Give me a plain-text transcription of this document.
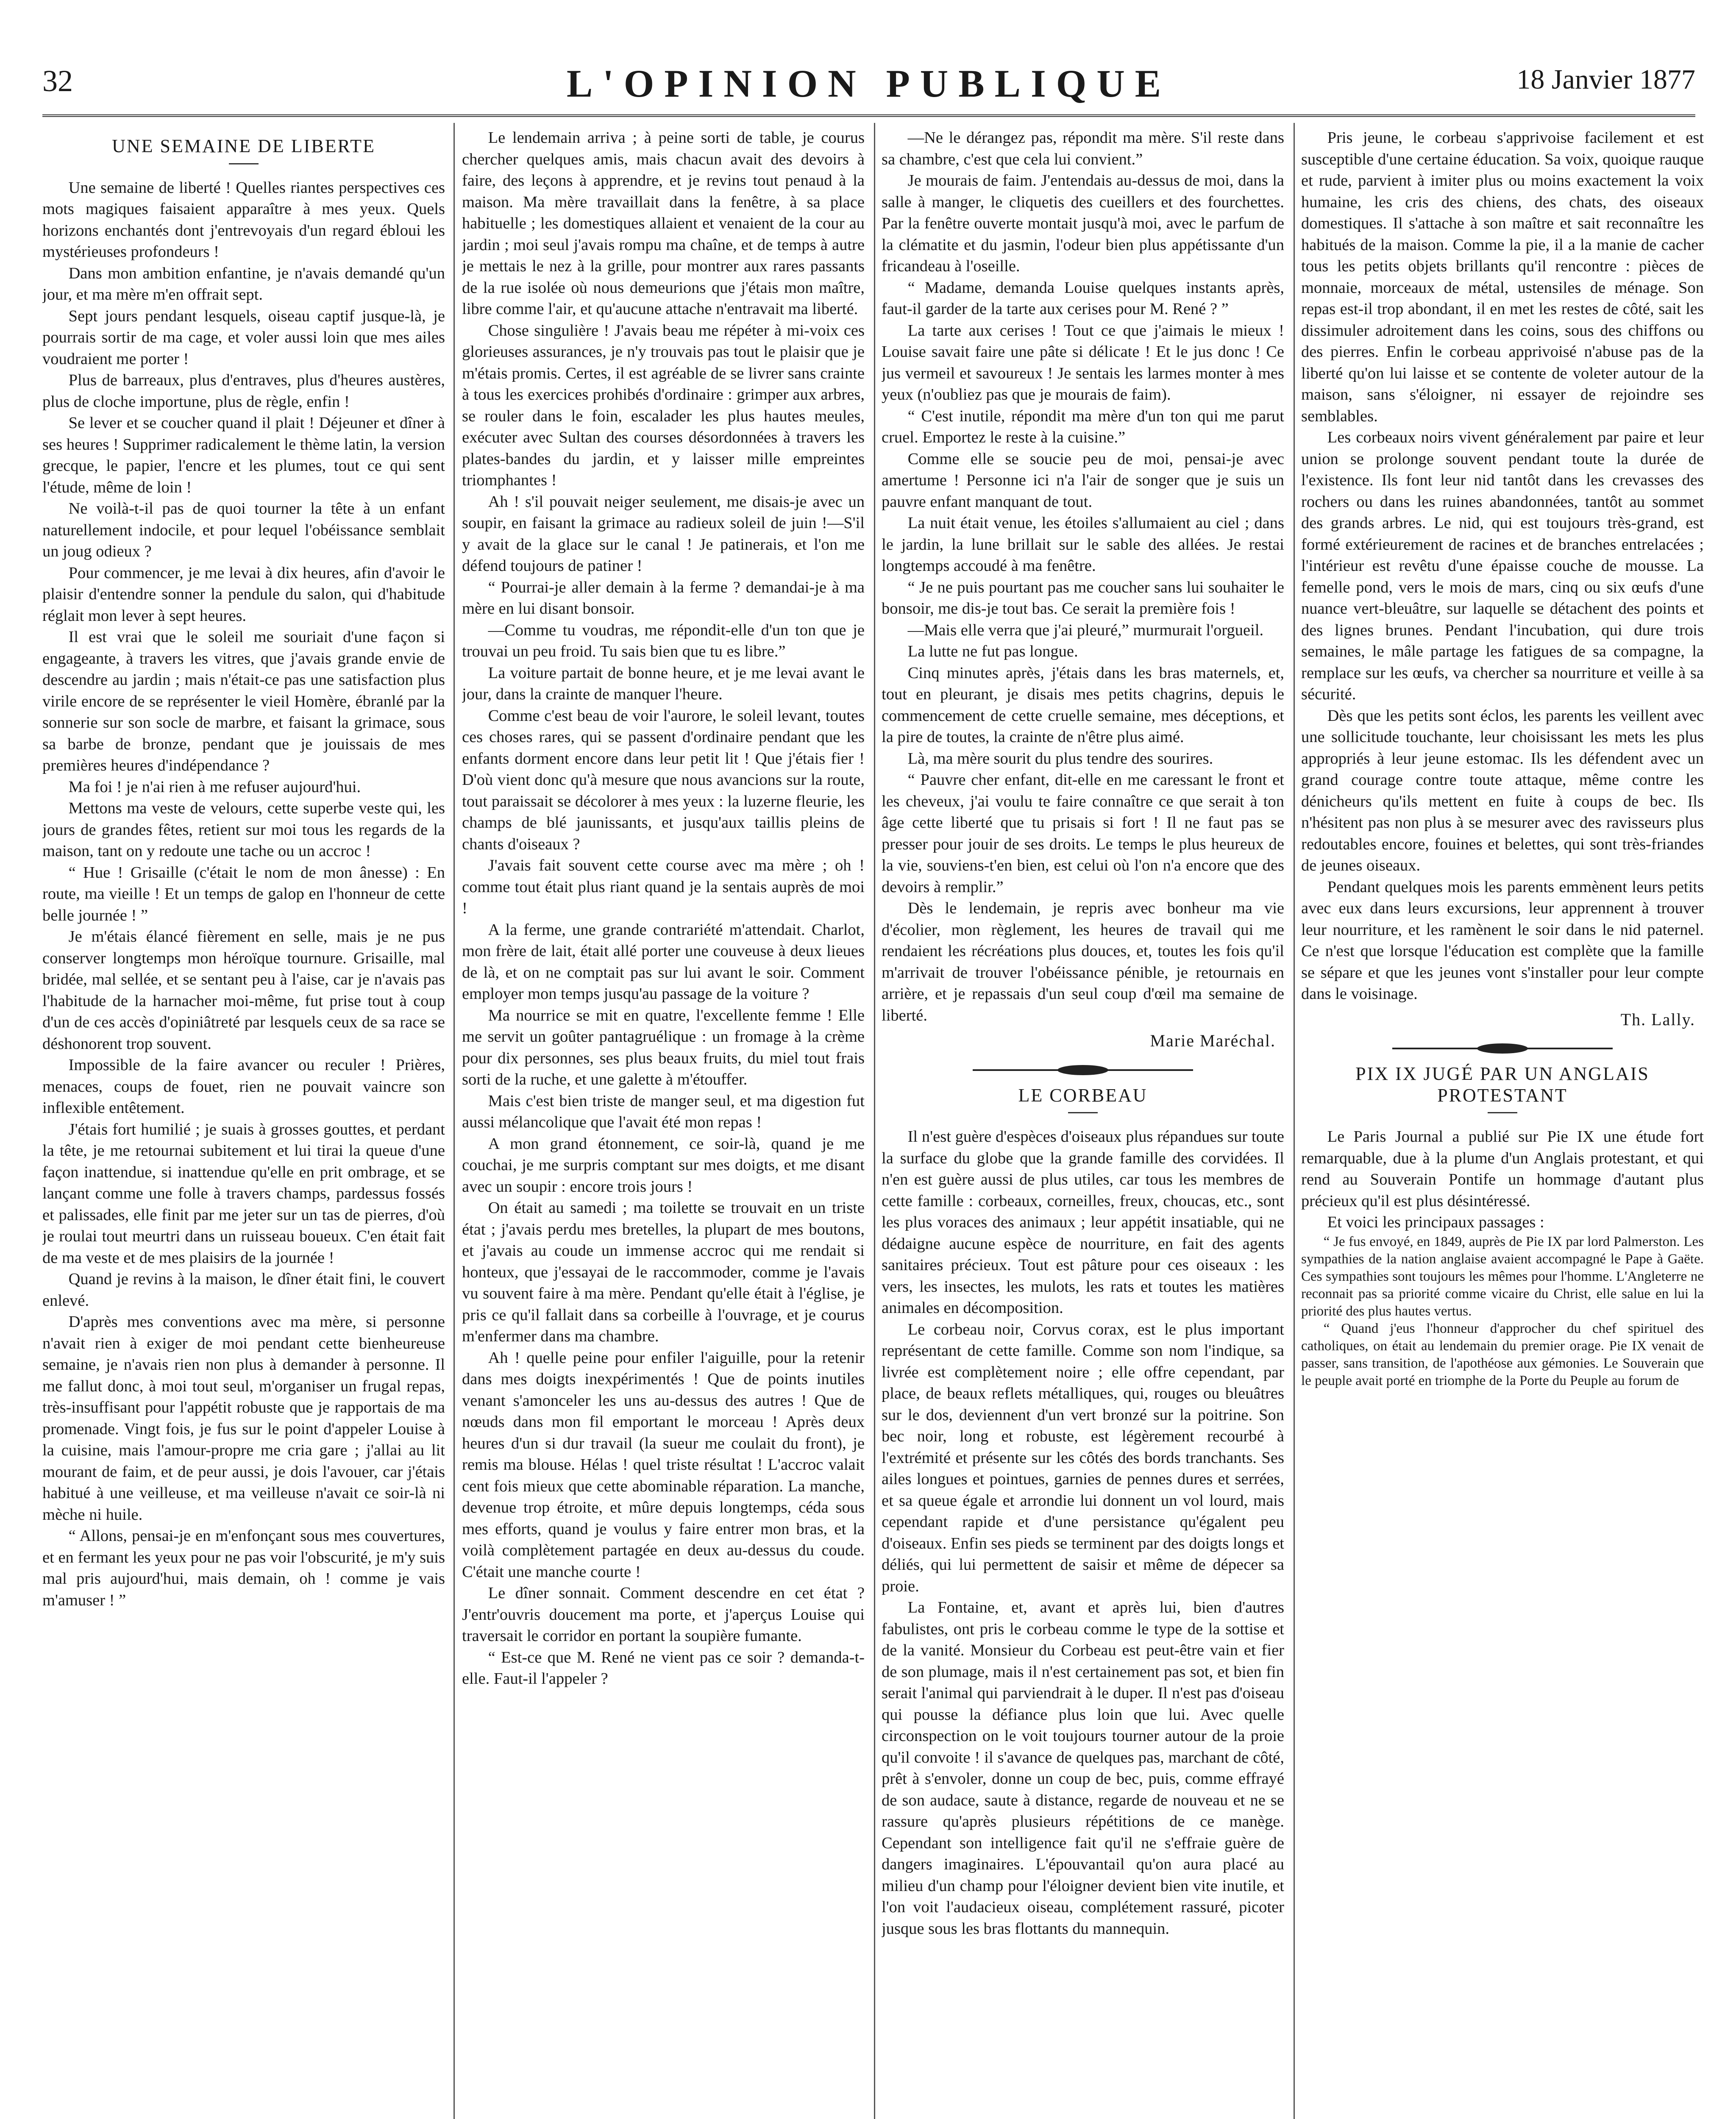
32	L'OPINION PUBLIQUE	18 Janvier 1877
UNE SEMAINE DE LIBERTE

Une semaine de liberté ! Quelles riantes perspectives ces mots magiques faisaient apparaître à mes yeux. Quels horizons enchantés dont j'entrevoyais d'un regard ébloui les mystérieuses profondeurs !

Dans mon ambition enfantine, je n'avais demandé qu'un jour, et ma mère m'en offrait sept.

Sept jours pendant lesquels, oiseau captif jusque-là, je pourrais sortir de ma cage, et voler aussi loin que mes ailes voudraient me porter !

Plus de barreaux, plus d'entraves, plus d'heures austères, plus de cloche importune, plus de règle, enfin !

Se lever et se coucher quand il plait ! Déjeuner et dîner à ses heures ! Supprimer radicalement le thème latin, la version grecque, le papier, l'encre et les plumes, tout ce qui sent l'étude, même de loin !

Ne voilà-t-il pas de quoi tourner la tête à un enfant naturellement indocile, et pour lequel l'obéissance semblait un joug odieux ?

Pour commencer, je me levai à dix heures, afin d'avoir le plaisir d'entendre sonner la pendule du salon, qui d'habitude réglait mon lever à sept heures.

Il est vrai que le soleil me souriait d'une façon si engageante, à travers les vitres, que j'avais grande envie de descendre au jardin ; mais n'était-ce pas une satisfaction plus virile encore de se représenter le vieil Homère, ébranlé par la sonnerie sur son socle de marbre, et faisant la grimace, sous sa barbe de bronze, pendant que je jouissais de mes premières heures d'indépendance ?

Ma foi ! je n'ai rien à me refuser aujourd'hui.

Mettons ma veste de velours, cette superbe veste qui, les jours de grandes fêtes, retient sur moi tous les regards de la maison, tant on y redoute une tache ou un accroc !

“ Hue ! Grisaille (c'était le nom de mon ânesse) : En route, ma vieille ! Et un temps de galop en l'honneur de cette belle journée ! ”

Je m'étais élancé fièrement en selle, mais je ne pus conserver longtemps mon héroïque tournure. Grisaille, mal bridée, mal sellée, et se sentant peu à l'aise, car je n'avais pas l'habitude de la harnacher moi-même, fut prise tout à coup d'un de ces accès d'opiniâtreté par lesquels ceux de sa race se déshonorent trop souvent.

Impossible de la faire avancer ou reculer ! Prières, menaces, coups de fouet, rien ne pouvait vaincre son inflexible entêtement.

J'étais fort humilié ; je suais à grosses gouttes, et perdant la tête, je me retournai subitement et lui tirai la queue d'une façon inattendue, si inattendue qu'elle en prit ombrage, et se lançant comme une folle à travers champs, pardessus fossés et palissades, elle finit par me jeter sur un tas de pierres, d'où je roulai tout meurtri dans un ruisseau boueux. C'en était fait de ma veste et de mes plaisirs de la journée !

Quand je revins à la maison, le dîner était fini, le couvert enlevé.

D'après mes conventions avec ma mère, si personne n'avait rien à exiger de moi pendant cette bienheureuse semaine, je n'avais rien non plus à demander à personne. Il me fallut donc, à moi tout seul, m'organiser un frugal repas, très-insuffisant pour l'appétit robuste que je rapportais de ma promenade. Vingt fois, je fus sur le point d'appeler Louise à la cuisine, mais l'amour-propre me cria gare ; j'allai au lit mourant de faim, et de peur aussi, je dois l'avouer, car j'étais habitué à une veilleuse, et ma veilleuse n'avait ce soir-là ni mèche ni huile.

“ Allons, pensai-je en m'enfonçant sous mes couvertures, et en fermant les yeux pour ne pas voir l'obscurité, je m'y suis mal pris aujourd'hui, mais demain, oh ! comme je vais m'amuser ! ”

Le lendemain arriva ; à peine sorti de table, je courus chercher quelques amis, mais chacun avait des devoirs à faire, des leçons à apprendre, et je revins tout penaud à la maison. Ma mère travaillait dans la fenêtre, à sa place habituelle ; les domestiques allaient et venaient de la cour au jardin ; moi seul j'avais rompu ma chaîne, et de temps à autre je mettais le nez à la grille, pour montrer aux rares passants de la rue isolée où nous demeurions que j'étais mon maître, libre comme l'air, et qu'aucune attache n'entravait ma liberté.

Chose singulière ! J'avais beau me répéter à mi-voix ces glorieuses assurances, je n'y trouvais pas tout le plaisir que je m'étais promis. Certes, il est agréable de se livrer sans crainte à tous les exercices prohibés d'ordinaire : grimper aux arbres, se rouler dans le foin, escalader les plus hautes meules, exécuter avec Sultan des courses désordonnées à travers les plates-bandes du jardin, et y laisser mille empreintes triomphantes !

Ah ! s'il pouvait neiger seulement, me disais-je avec un soupir, en faisant la grimace au radieux soleil de juin !—S'il y avait de la glace sur le canal ! Je patinerais, et l'on me défend toujours de patiner !

“ Pourrai-je aller demain à la ferme ? demandai-je à ma mère en lui disant bonsoir.

—Comme tu voudras, me répondit-elle d'un ton que je trouvai un peu froid. Tu sais bien que tu es libre.”

La voiture partait de bonne heure, et je me levai avant le jour, dans la crainte de manquer l'heure.

Comme c'est beau de voir l'aurore, le soleil levant, toutes ces choses rares, qui se passent d'ordinaire pendant que les enfants dorment encore dans leur petit lit ! Que j'étais fier ! D'où vient donc qu'à mesure que nous avancions sur la route, tout paraissait se décolorer à mes yeux : la luzerne fleurie, les champs de blé jaunissants, et jusqu'aux taillis pleins de chants d'oiseaux ?

J'avais fait souvent cette course avec ma mère ; oh ! comme tout était plus riant quand je la sentais auprès de moi !

A la ferme, une grande contrariété m'attendait. Charlot, mon frère de lait, était allé porter une couveuse à deux lieues de là, et on ne comptait pas sur lui avant le soir. Comment employer mon temps jusqu'au passage de la voiture ?

Ma nourrice se mit en quatre, l'excellente femme ! Elle me servit un goûter pantagruélique : un fromage à la crème pour dix personnes, ses plus beaux fruits, du miel tout frais sorti de la ruche, et une galette à m'étouffer.

Mais c'est bien triste de manger seul, et ma digestion fut aussi mélancolique que l'avait été mon repas !

A mon grand étonnement, ce soir-là, quand je me couchai, je me surpris comptant sur mes doigts, et me disant avec un soupir : encore trois jours !

On était au samedi ; ma toilette se trouvait en un triste état ; j'avais perdu mes bretelles, la plupart de mes boutons, et j'avais au coude un immense accroc qui me rendait si honteux, que j'essayai de le raccommoder, comme je l'avais vu souvent faire à ma mère. Pendant qu'elle était à l'église, je pris ce qu'il fallait dans sa corbeille à l'ouvrage, et je courus m'enfermer dans ma chambre.

Ah ! quelle peine pour enfiler l'aiguille, pour la retenir dans mes doigts inexpérimentés ! Que de points inutiles venant s'amonceler les uns au-dessus des autres ! Que de nœuds dans mon fil emportant le morceau ! Après deux heures d'un si dur travail (la sueur me coulait du front), je remis ma blouse. Hélas ! quel triste résultat ! L'accroc valait cent fois mieux que cette abominable réparation. La manche, devenue trop étroite, et mûre depuis longtemps, céda sous mes efforts, quand je voulus y faire entrer mon bras, et la voilà complètement partagée en deux au-dessus du coude. C'était une manche courte !

Le dîner sonnait. Comment descendre en cet état ? J'entr'ouvris doucement ma porte, et j'aperçus Louise qui traversait le corridor en portant la soupière fumante.

“ Est-ce que M. René ne vient pas ce soir ? demanda-t-elle. Faut-il l'appeler ?

—Ne le dérangez pas, répondit ma mère. S'il reste dans sa chambre, c'est que cela lui convient.”

Je mourais de faim. J'entendais au-dessus de moi, dans la salle à manger, le cliquetis des cueillers et des fourchettes. Par la fenêtre ouverte montait jusqu'à moi, avec le parfum de la clématite et du jasmin, l'odeur bien plus appétissante d'un fricandeau à l'oseille.

“ Madame, demanda Louise quelques instants après, faut-il garder de la tarte aux cerises pour M. René ? ”

La tarte aux cerises ! Tout ce que j'aimais le mieux ! Louise savait faire une pâte si délicate ! Et le jus donc ! Ce jus vermeil et savoureux ! Je sentais les larmes monter à mes yeux (n'oubliez pas que je mourais de faim).

“ C'est inutile, répondit ma mère d'un ton qui me parut cruel. Emportez le reste à la cuisine.”

Comme elle se soucie peu de moi, pensai-je avec amertume ! Personne ici n'a l'air de songer que je suis un pauvre enfant manquant de tout.

La nuit était venue, les étoiles s'allumaient au ciel ; dans le jardin, la lune brillait sur le sable des allées. Je restai longtemps accoudé à ma fenêtre.

“ Je ne puis pourtant pas me coucher sans lui souhaiter le bonsoir, me dis-je tout bas. Ce serait la première fois !

—Mais elle verra que j'ai pleuré,” murmurait l'orgueil.

La lutte ne fut pas longue.

Cinq minutes après, j'étais dans les bras maternels, et, tout en pleurant, je disais mes petits chagrins, depuis le commencement de cette cruelle semaine, mes déceptions, et la pire de toutes, la crainte de n'être plus aimé.

Là, ma mère sourit du plus tendre des sourires.

“ Pauvre cher enfant, dit-elle en me caressant le front et les cheveux, j'ai voulu te faire connaître ce que serait à ton âge cette liberté que tu prisais si fort ! Il ne faut pas se presser pour jouir de ses droits. Le temps le plus heureux de la vie, souviens-t'en bien, est celui où l'on n'a encore que des devoirs à remplir.”

Dès le lendemain, je repris avec bonheur ma vie d'écolier, mon règlement, les heures de travail qui me rendaient les récréations plus douces, et, toutes les fois qu'il m'arrivait de trouver l'obéissance pénible, je retournais en arrière, et je repassais d'un seul coup d'œil ma semaine de liberté.

Marie Maréchal.
LE CORBEAU

Il n'est guère d'espèces d'oiseaux plus répandues sur toute la surface du globe que la grande famille des corvidées. Il n'en est guère aussi de plus utiles, car tous les membres de cette famille : corbeaux, corneilles, freux, choucas, etc., sont les plus voraces des animaux ; leur appétit insatiable, qui ne dédaigne aucune espèce de nourriture, en fait des agents sanitaires précieux. Tout est pâture pour ces oiseaux : les vers, les insectes, les mulots, les rats et toutes les matières animales en décomposition.

Le corbeau noir, Corvus corax, est le plus important représentant de cette famille. Comme son nom l'indique, sa livrée est complètement noire ; elle offre cependant, par place, de beaux reflets métalliques, qui, rouges ou bleuâtres sur le dos, deviennent d'un vert bronzé sur la poitrine. Son bec noir, long et robuste, est légèrement recourbé à l'extrémité et présente sur les côtés des bords tranchants. Ses ailes longues et pointues, garnies de pennes dures et serrées, et sa queue égale et arrondie lui donnent un vol lourd, mais cependant rapide et d'une persistance qu'égalent peu d'oiseaux. Enfin ses pieds se terminent par des doigts longs et déliés, qui lui permettent de saisir et même de dépecer sa proie.

La Fontaine, et, avant et après lui, bien d'autres fabulistes, ont pris le corbeau comme le type de la sottise et de la vanité. Monsieur du Corbeau est peut-être vain et fier de son plumage, mais il n'est certainement pas sot, et bien fin serait l'animal qui parviendrait à le duper. Il n'est pas d'oiseau qui pousse la défiance plus loin que lui. Avec quelle circonspection on le voit toujours tourner autour de la proie qu'il convoite ! il s'avance de quelques pas, marchant de côté, prêt à s'envoler, donne un coup de bec, puis, comme effrayé de son audace, saute à distance, regarde de nouveau et ne se rassure qu'après plusieurs répétitions de ce manège. Cependant son intelligence fait qu'il ne s'effraie guère de dangers imaginaires. L'épouvantail qu'on aura placé au milieu d'un champ pour l'éloigner devient bien vite inutile, et l'on voit l'audacieux oiseau, complétement rassuré, picoter jusque sous les bras flottants du mannequin.

Pris jeune, le corbeau s'apprivoise facilement et est susceptible d'une certaine éducation. Sa voix, quoique rauque et rude, parvient à imiter plus ou moins exactement la voix humaine, les cris des chiens, des chats, des oiseaux domestiques. Il s'attache à son maître et sait reconnaître les habitués de la maison. Comme la pie, il a la manie de cacher tous les petits objets brillants qu'il rencontre : pièces de monnaie, morceaux de métal, ustensiles de ménage. Son repas est-il trop abondant, il en met les restes de côté, sait les dissimuler adroitement dans les coins, sous des chiffons ou des pierres. Enfin le corbeau apprivoisé n'abuse pas de la liberté qu'on lui laisse et se contente de voleter autour de la maison, sans s'éloigner, ni essayer de rejoindre ses semblables.

Les corbeaux noirs vivent généralement par paire et leur union se prolonge souvent pendant toute la durée de l'existence. Ils font leur nid tantôt dans les crevasses des rochers ou dans les ruines abandonnées, tantôt au sommet des grands arbres. Le nid, qui est toujours très-grand, est formé extérieurement de racines et de branches entrelacées ; l'intérieur est revêtu d'une épaisse couche de mousse. La femelle pond, vers le mois de mars, cinq ou six œufs d'une nuance vert-bleuâtre, sur laquelle se détachent des points et des lignes brunes. Pendant l'incubation, qui dure trois semaines, le mâle partage les fatigues de sa compagne, la remplace sur les œufs, va chercher sa nourriture et veille à sa sécurité.

Dès que les petits sont éclos, les parents les veillent avec une sollicitude touchante, leur choisissant les mets les plus appropriés à leur jeune estomac. Ils les défendent avec un grand courage contre toute attaque, même contre les dénicheurs qu'ils mettent en fuite à coups de bec. Ils n'hésitent pas non plus à se mesurer avec des ravisseurs plus redoutables encore, fouines et belettes, qui sont très-friandes de jeunes oiseaux.

Pendant quelques mois les parents emmènent leurs petits avec eux dans leurs excursions, leur apprennent à trouver leur nourriture, et les ramènent le soir dans le nid paternel. Ce n'est que lorsque l'éducation est complète que la famille se sépare et que les jeunes vont s'installer pour leur compte dans le voisinage.

Th. Lally.
PIX IX JUGÉ PAR UN ANGLAIS PROTESTANT

Le Paris Journal a publié sur Pie IX une étude fort remarquable, due à la plume d'un Anglais protestant, et qui rend au Souverain Pontife un hommage d'autant plus précieux qu'il est plus désintéressé.

Et voici les principaux passages :

“ Je fus envoyé, en 1849, auprès de Pie IX par lord Palmerston. Les sympathies de la nation anglaise avaient accompagné le Pape à Gaëte. Ces sympathies sont toujours les mêmes pour l'homme. L'Angleterre ne reconnait pas sa priorité comme vicaire du Christ, elle salue en lui la priorité des plus hautes vertus.

“ Quand j'eus l'honneur d'approcher du chef spirituel des catholiques, on était au lendemain du premier orage. Pie IX venait de passer, sans transition, de l'apothéose aux gémonies. Le Souverain que le peuple avait porté en triomphe de la Porte du Peuple au forum de
